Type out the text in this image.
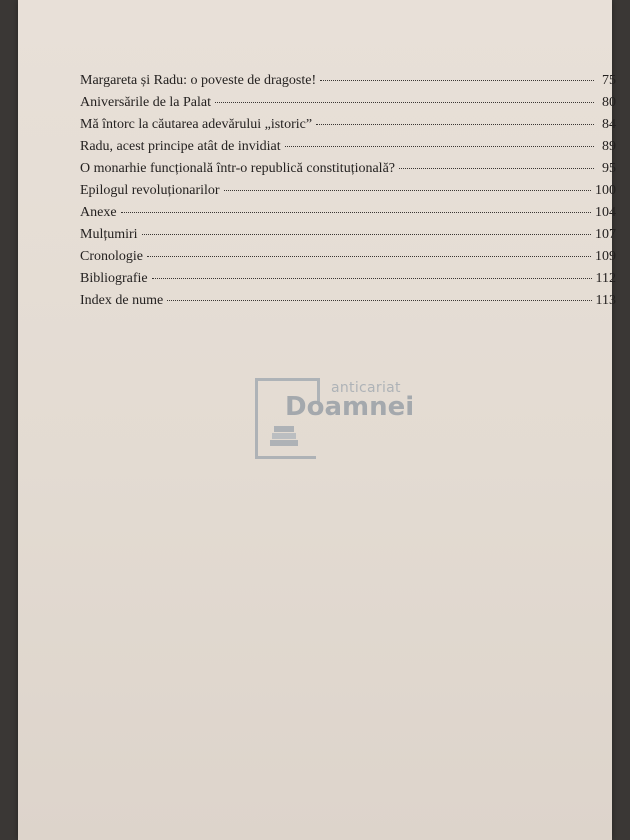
Margareta și Radu: o poveste de dragoste!	75
Aniversările de la Palat	80
Mă întorc la căutarea adevărului „istoric”	84
Radu, acest principe atât de invidiat	89
O monarhie funcțională într-o republică constituțională?	95
Epilogul revoluționarilor	100
Anexe	104
Mulțumiri	107
Cronologie	109
Bibliografie	112
Index de nume	113
anticariat
Doamnei
